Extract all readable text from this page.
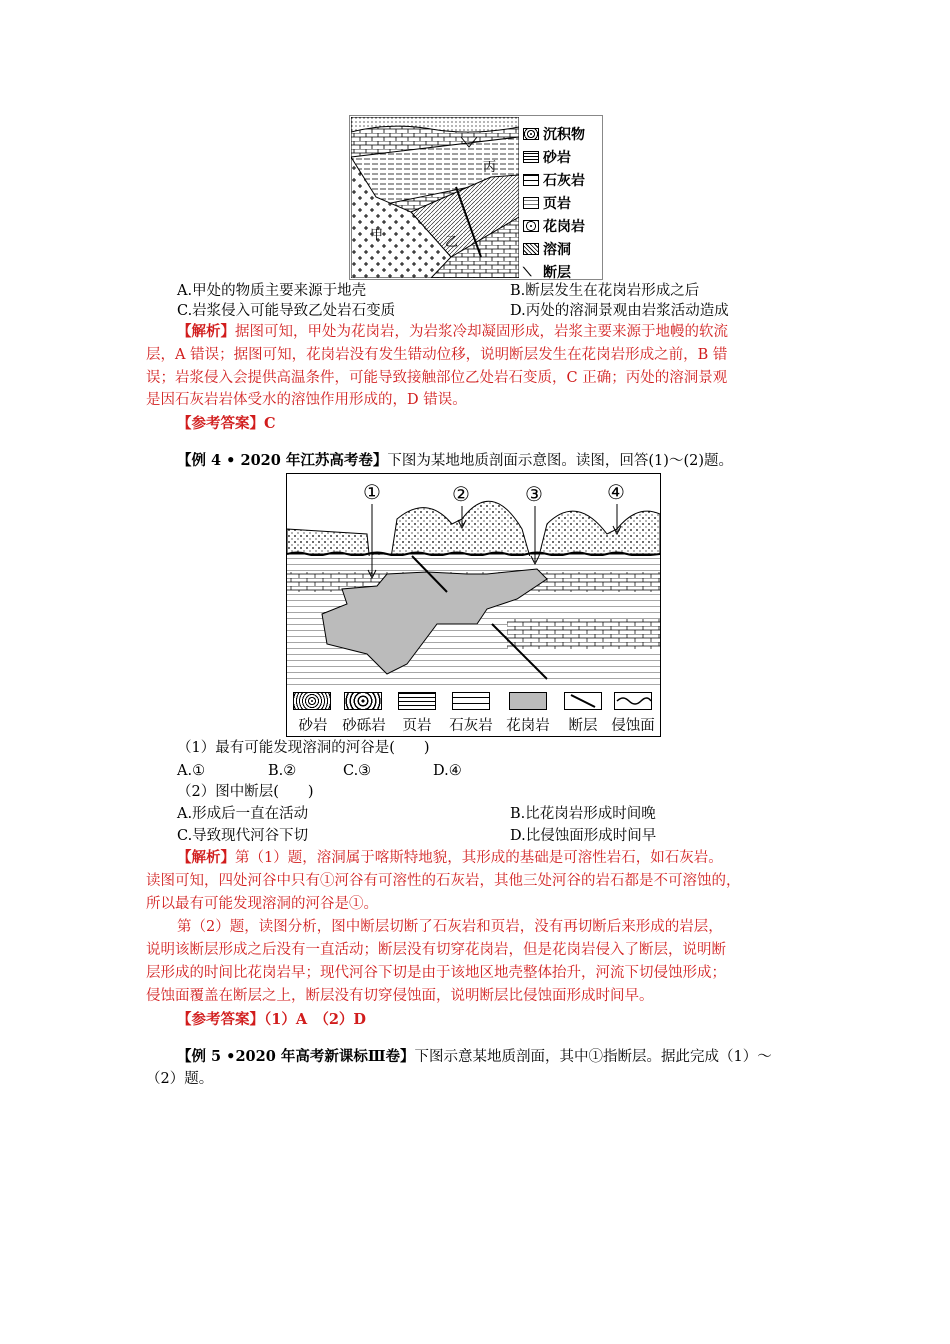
丙
乙
甲
沉积物
砂岩
石灰岩
页岩
花岗岩
溶洞
⟍ 断层
A.甲处的物质主要来源于地壳	B.断层发生在花岗岩形成之后
C.岩浆侵入可能导致乙处岩石变质	D.丙处的溶洞景观由岩浆活动造成
【解析】据图可知，甲处为花岗岩，为岩浆冷却凝固形成，岩浆主要来源于地幔的软流
层，A 错误；据图可知，花岗岩没有发生错动位移，说明断层发生在花岗岩形成之前，B 错
误；岩浆侵入会提供高温条件，可能导致接触部位乙处岩石变质，C 正确；丙处的溶洞景观
是因石灰岩岩体受水的溶蚀作用形成的，D 错误。
【参考答案】C
【例 4 • 2020 年江苏高考卷】下图为某地地质剖面示意图。读图，回答(1)～(2)题。
①	②	③	④
砂岩	砂砾岩	页岩	石灰岩 花岗岩	断层 侵蚀面
（1）最有可能发现溶洞的河谷是(　　)
A.①	B.②	C.③	D.④
（2）图中断层(　　)
A.形成后一直在活动	B.比花岗岩形成时间晚
C.导致现代河谷下切	D.比侵蚀面形成时间早
【解析】第（1）题，溶洞属于喀斯特地貌，其形成的基础是可溶性岩石，如石灰岩。
读图可知，四处河谷中只有①河谷有可溶性的石灰岩，其他三处河谷的岩石都是不可溶蚀的，
所以最有可能发现溶洞的河谷是①。
第（2）题，读图分析，图中断层切断了石灰岩和页岩，没有再切断后来形成的岩层，
说明该断层形成之后没有一直活动；断层没有切穿花岗岩，但是花岗岩侵入了断层，说明断
层形成的时间比花岗岩早；现代河谷下切是由于该地区地壳整体抬升，河流下切侵蚀形成；
侵蚀面覆盖在断层之上，断层没有切穿侵蚀面，说明断层比侵蚀面形成时间早。
【参考答案】（1）A　（2）D
【例 5 •2020 年高考新课标Ⅲ卷】下图示意某地质剖面，其中①指断层。据此完成（1）～
（2）题。
